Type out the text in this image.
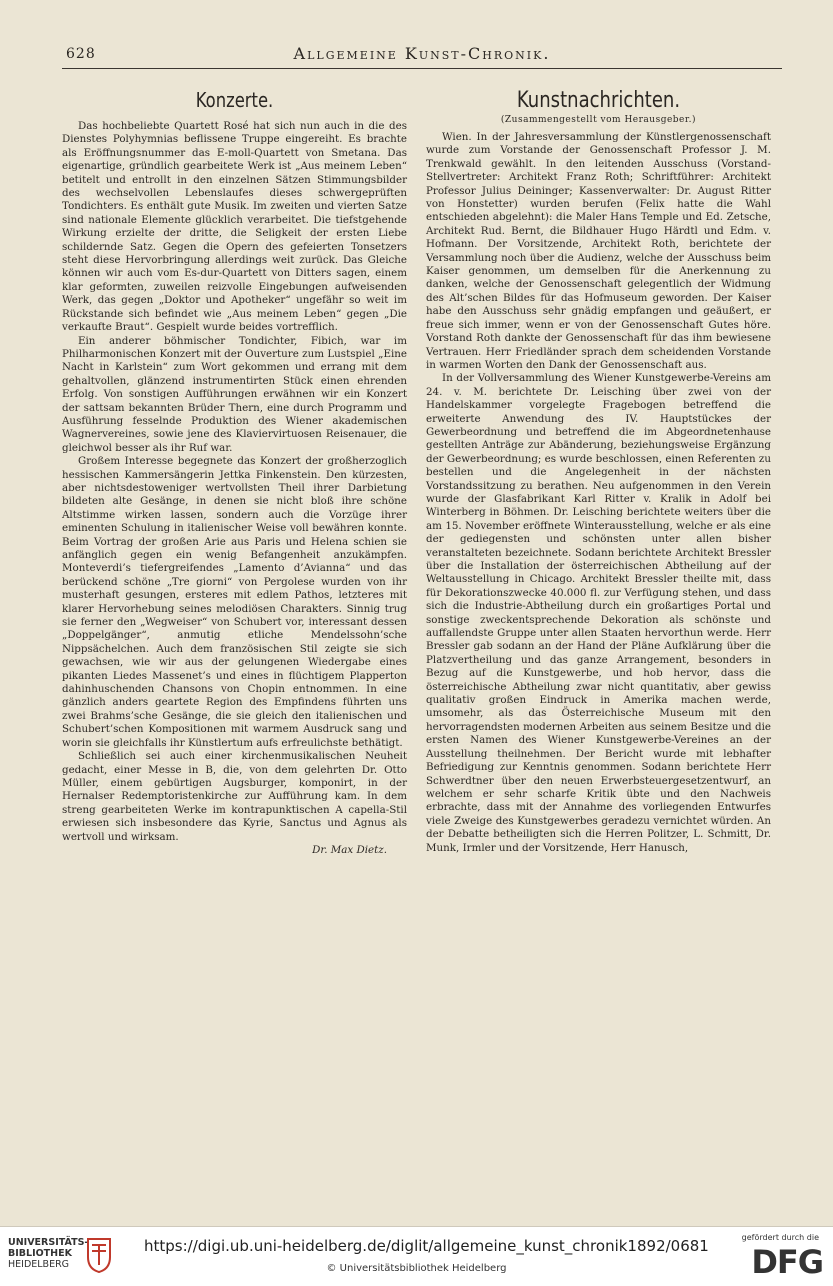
628	Allgemeine Kunst-Chronik.
Konzerte.

Das hochbeliebte Quartett Rosé hat sich nun auch in die des Dienstes Polyhymnias beflissene Truppe eingereiht. Es brachte als Eröffnungsnummer das E-moll-Quartett von Smetana. Das eigenartige, gründlich gearbeitete Werk ist „Aus meinem Leben“ betitelt und entrollt in den einzelnen Sätzen Stimmungsbilder des wechselvollen Lebenslaufes dieses schwergeprüften Tondichters. Es enthält gute Musik. Im zweiten und vierten Satze sind nationale Elemente glücklich verarbeitet. Die tiefstgehende Wirkung erzielte der dritte, die Seligkeit der ersten Liebe schildernde Satz. Gegen die Opern des gefeierten Tonsetzers steht diese Hervorbringung allerdings weit zurück. Das Gleiche können wir auch vom Es-dur-Quartett von Ditters sagen, einem klar geformten, zuweilen reizvolle Eingebungen aufweisenden Werk, das gegen „Doktor und Apotheker“ ungefähr so weit im Rückstande sich befindet wie „Aus meinem Leben“ gegen „Die verkaufte Braut“. Gespielt wurde beides vortrefflich.

Ein anderer böhmischer Tondichter, Fibich, war im Philharmonischen Konzert mit der Ouverture zum Lustspiel „Eine Nacht in Karlstein“ zum Wort gekommen und errang mit dem gehaltvollen, glänzend instrumentirten Stück einen ehrenden Erfolg. Von sonstigen Aufführungen erwähnen wir ein Konzert der sattsam bekannten Brüder Thern, eine durch Programm und Ausführung fesselnde Produktion des Wiener akademischen Wagnervereines, sowie jene des Klaviervirtuosen Reisenauer, die gleichwol besser als ihr Ruf war.

Großem Interesse begegnete das Konzert der großherzoglich hessischen Kammersängerin Jettka Finkenstein. Den kürzesten, aber nichtsdestoweniger wertvollsten Theil ihrer Darbietung bildeten alte Gesänge, in denen sie nicht bloß ihre schöne Altstimme wirken lassen, sondern auch die Vorzüge ihrer eminenten Schulung in italienischer Weise voll bewähren konnte. Beim Vortrag der großen Arie aus Paris und Helena schien sie anfänglich gegen ein wenig Befangenheit anzukämpfen. Monteverdi’s tiefergreifendes „Lamento d’Avianna“ und das berückend schöne „Tre giorni“ von Pergolese wurden von ihr musterhaft gesungen, ersteres mit edlem Pathos, letzteres mit klarer Hervorhebung seines melodiösen Charakters. Sinnig trug sie ferner den „Wegweiser“ von Schubert vor, interessant dessen „Doppelgänger“, anmutig etliche Mendelssohn’sche Nippsächelchen. Auch dem französischen Stil zeigte sie sich gewachsen, wie wir aus der gelungenen Wiedergabe eines pikanten Liedes Massenet’s und eines in flüchtigem Plapperton dahinhuschenden Chansons von Chopin entnommen. In eine gänzlich anders geartete Region des Empfindens führten uns zwei Brahms’sche Gesänge, die sie gleich den italienischen und Schubert’schen Kompositionen mit warmem Ausdruck sang und worin sie gleichfalls ihr Künstlertum aufs erfreulichste bethätigt.

Schließlich sei auch einer kirchenmusikalischen Neuheit gedacht, einer Messe in B, die, von dem gelehrten Dr. Otto Müller, einem gebürtigen Augsburger, komponirt, in der Hernalser Redemptoristenkirche zur Aufführung kam. In dem streng gearbeiteten Werke im kontrapunktischen A capella-Stil erwiesen sich insbesondere das Kyrie, Sanctus und Agnus als wertvoll und wirksam.

Dr. Max Dietz.
Kunstnachrichten.
(Zusammengestellt vom Herausgeber.)

Wien. In der Jahresversammlung der Künstlergenossenschaft wurde zum Vorstande der Genossenschaft Professor J. M. Trenkwald gewählt. In den leitenden Ausschuss (Vorstand-Stellvertreter: Architekt Franz Roth; Schriftführer: Architekt Professor Julius Deininger; Kassenverwalter: Dr. August Ritter von Honstetter) wurden berufen (Felix hatte die Wahl entschieden abgelehnt): die Maler Hans Temple und Ed. Zetsche, Architekt Rud. Bernt, die Bildhauer Hugo Härdtl und Edm. v. Hofmann. Der Vorsitzende, Architekt Roth, berichtete der Versammlung noch über die Audienz, welche der Ausschuss beim Kaiser genommen, um demselben für die Anerkennung zu danken, welche der Genossenschaft gelegentlich der Widmung des Alt’schen Bildes für das Hofmuseum geworden. Der Kaiser habe den Ausschuss sehr gnädig empfangen und geäußert, er freue sich immer, wenn er von der Genossenschaft Gutes höre. Vorstand Roth dankte der Genossenschaft für das ihm bewiesene Vertrauen. Herr Friedländer sprach dem scheidenden Vorstande in warmen Worten den Dank der Genossenschaft aus.

In der Vollversammlung des Wiener Kunstgewerbe-Vereins am 24. v. M. berichtete Dr. Leisching über zwei von der Handelskammer vorgelegte Fragebogen betreffend die erweiterte Anwendung des IV. Hauptstückes der Gewerbeordnung und betreffend die im Abgeordnetenhause gestellten Anträge zur Abänderung, beziehungsweise Ergänzung der Gewerbeordnung; es wurde beschlossen, einen Referenten zu bestellen und die Angelegenheit in der nächsten Vorstandssitzung zu berathen. Neu aufgenommen in den Verein wurde der Glasfabrikant Karl Ritter v. Kralik in Adolf bei Winterberg in Böhmen. Dr. Leisching berichtete weiters über die am 15. November eröffnete Winterausstellung, welche er als eine der gediegensten und schönsten unter allen bisher veranstalteten bezeichnete. Sodann berichtete Architekt Bressler über die Installation der österreichischen Abtheilung auf der Weltausstellung in Chicago. Architekt Bressler theilte mit, dass für Dekorationszwecke 40.000 fl. zur Verfügung stehen, und dass sich die Industrie-Abtheilung durch ein großartiges Portal und sonstige zweckentsprechende Dekoration als schönste und auffallendste Gruppe unter allen Staaten hervorthun werde. Herr Bressler gab sodann an der Hand der Pläne Aufklärung über die Platzvertheilung und das ganze Arrangement, besonders in Bezug auf die Kunstgewerbe, und hob hervor, dass die österreichische Abtheilung zwar nicht quantitativ, aber gewiss qualitativ großen Eindruck in Amerika machen werde, umsomehr, als das Österreichische Museum mit den hervorragendsten modernen Arbeiten aus seinem Besitze und die ersten Namen des Wiener Kunstgewerbe-Vereines an der Ausstellung theilnehmen. Der Bericht wurde mit lebhafter Befriedigung zur Kenntnis genommen. Sodann berichtete Herr Schwerdtner über den neuen Erwerbsteuergesetzentwurf, an welchem er sehr scharfe Kritik übte und den Nachweis erbrachte, dass mit der Annahme des vorliegenden Entwurfes viele Zweige des Kunstgewerbes geradezu vernichtet würden. An der Debatte betheiligten sich die Herren Politzer, L. Schmitt, Dr. Munk, Irmler und der Vorsitzende, Herr Hanusch,

UNIVERSITÄTS-
BIBLIOTHEK
HEIDELBERG
https://digi.ub.uni-heidelberg.de/diglit/allgemeine_kunst_chronik1892/0681
© Universitätsbibliothek Heidelberg
gefördert durch die
DFG
